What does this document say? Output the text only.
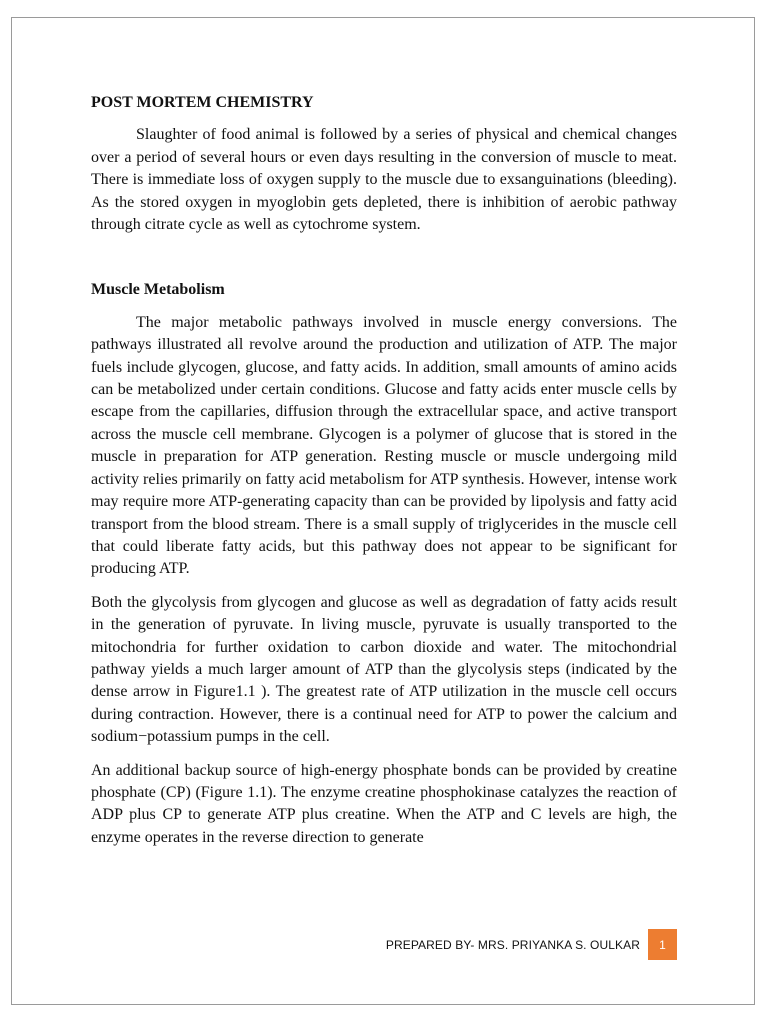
POST MORTEM CHEMISTRY

Slaughter of food animal is followed by a series of physical and chemical changes over a period of several hours or even days resulting in the conversion of muscle to meat. There is immediate loss of oxygen supply to the muscle due to exsanguinations (bleeding). As the stored oxygen in myoglobin gets depleted, there is inhibition of aerobic pathway through citrate cycle as well as cytochrome system.

Muscle Metabolism

The major metabolic pathways involved in muscle energy conversions. The pathways illustrated all revolve around the production and utilization of ATP. The major fuels include glycogen, glucose, and fatty acids. In addition, small amounts of amino acids can be metabolized under certain conditions. Glucose and fatty acids enter muscle cells by escape from the capillaries, diffusion through the extracellular space, and active transport across the muscle cell membrane. Glycogen is a polymer of glucose that is stored in the muscle in preparation for ATP generation. Resting muscle or muscle undergoing mild activity relies primarily on fatty acid metabolism for ATP synthesis. However, intense work may require more ATP-generating capacity than can be provided by lipolysis and fatty acid transport from the blood stream. There is a small supply of triglycerides in the muscle cell that could liberate fatty acids, but this pathway does not appear to be significant for producing ATP.

Both the glycolysis from glycogen and glucose as well as degradation of fatty acids result in the generation of pyruvate. In living muscle, pyruvate is usually transported to the mitochondria for further oxidation to carbon dioxide and water. The mitochondrial pathway yields a much larger amount of ATP than the glycolysis steps (indicated by the dense arrow in Figure1.1 ). The greatest rate of ATP utilization in the muscle cell occurs during contraction. However, there is a continual need for ATP to power the calcium and sodium−potassium pumps in the cell.

An additional backup source of high-energy phosphate bonds can be provided by creatine phosphate (CP) (Figure 1.1). The enzyme creatine phosphokinase catalyzes the reaction of ADP plus CP to generate ATP plus creatine. When the ATP and C levels are high, the enzyme operates in the reverse direction to generate

PREPARED BY- MRS. PRIYANKA S. OULKAR	1
